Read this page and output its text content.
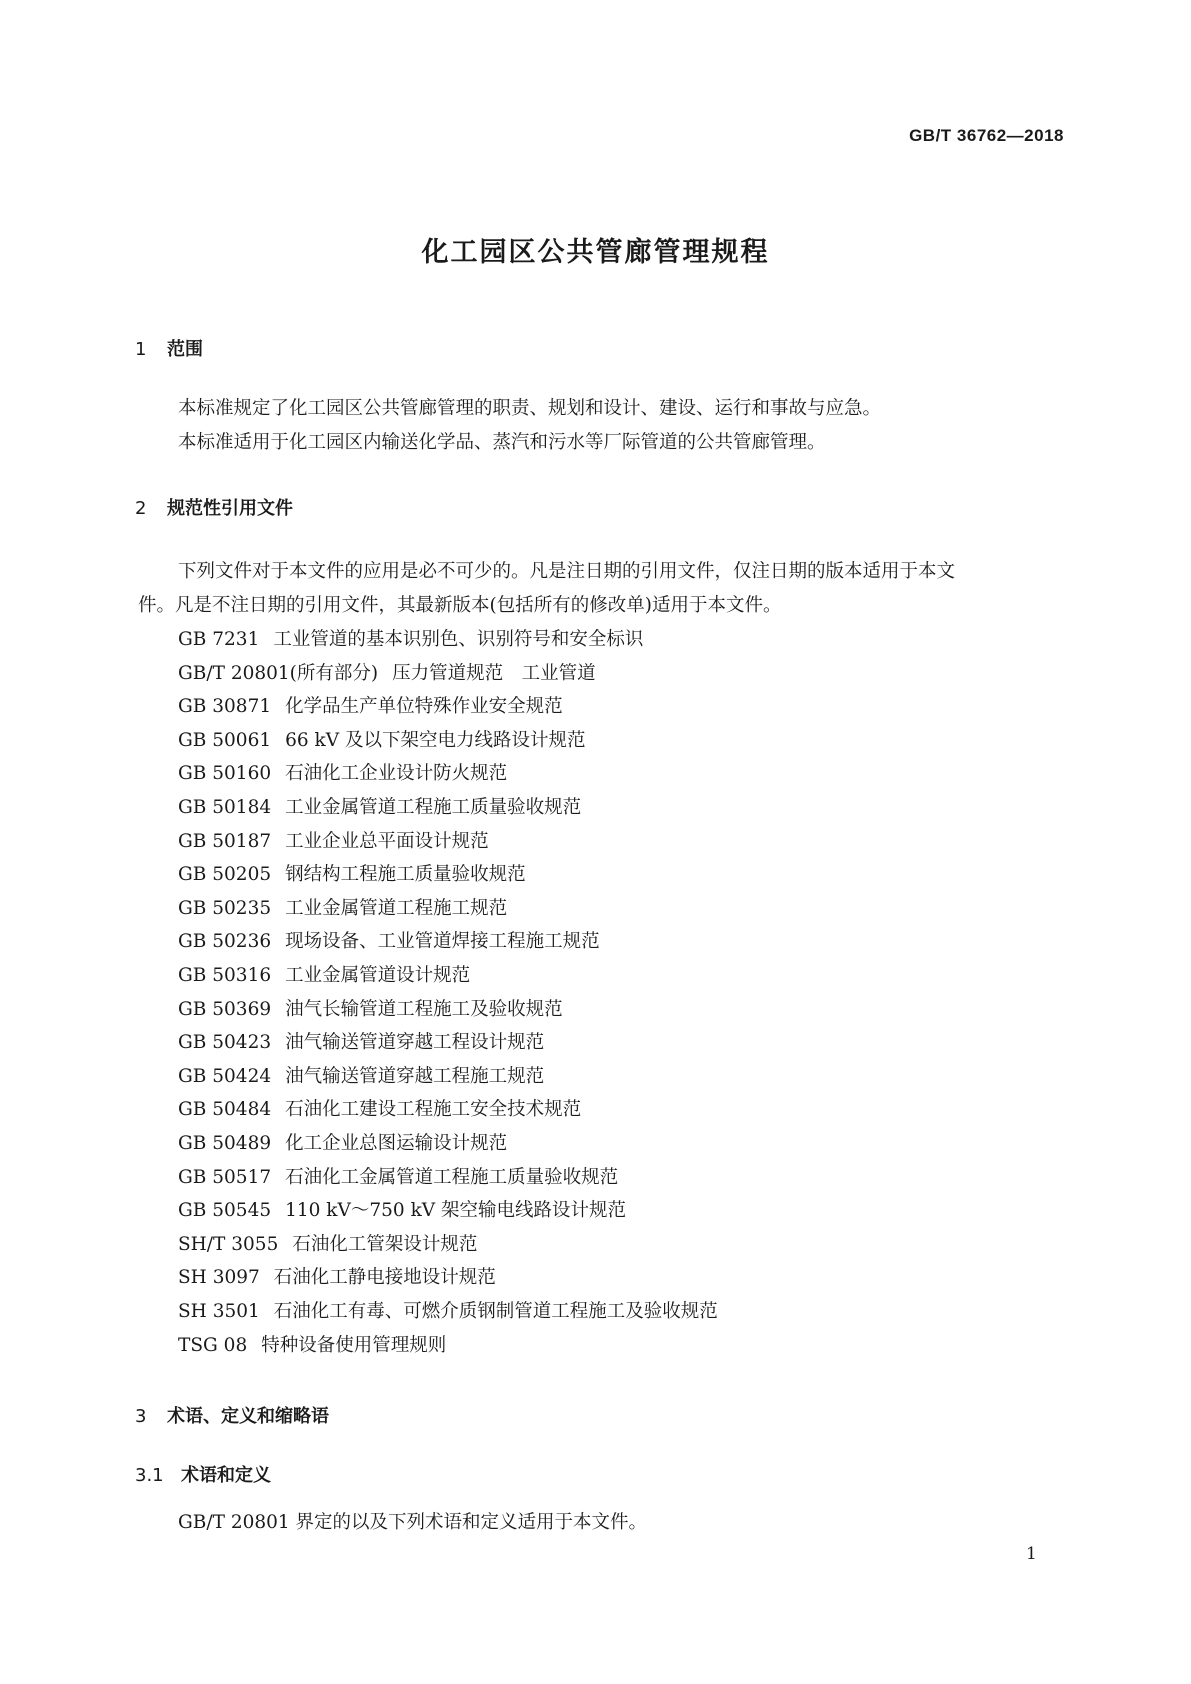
GB/T 36762—2018
化工园区公共管廊管理规程
1 范围
本标准规定了化工园区公共管廊管理的职责、规划和设计、建设、运行和事故与应急。
本标准适用于化工园区内输送化学品、蒸汽和污水等厂际管道的公共管廊管理。
2 规范性引用文件
下列文件对于本文件的应用是必不可少的。凡是注日期的引用文件，仅注日期的版本适用于本文
件。凡是不注日期的引用文件，其最新版本(包括所有的修改单)适用于本文件。
GB 7231 工业管道的基本识别色、识别符号和安全标识
GB/T 20801(所有部分) 压力管道规范　工业管道
GB 30871 化学品生产单位特殊作业安全规范
GB 50061 66 kV 及以下架空电力线路设计规范
GB 50160 石油化工企业设计防火规范
GB 50184 工业金属管道工程施工质量验收规范
GB 50187 工业企业总平面设计规范
GB 50205 钢结构工程施工质量验收规范
GB 50235 工业金属管道工程施工规范
GB 50236 现场设备、工业管道焊接工程施工规范
GB 50316 工业金属管道设计规范
GB 50369 油气长输管道工程施工及验收规范
GB 50423 油气输送管道穿越工程设计规范
GB 50424 油气输送管道穿越工程施工规范
GB 50484 石油化工建设工程施工安全技术规范
GB 50489 化工企业总图运输设计规范
GB 50517 石油化工金属管道工程施工质量验收规范
GB 50545 110 kV～750 kV 架空输电线路设计规范
SH/T 3055 石油化工管架设计规范
SH 3097 石油化工静电接地设计规范
SH 3501 石油化工有毒、可燃介质钢制管道工程施工及验收规范
TSG 08 特种设备使用管理规则
3 术语、定义和缩略语
3.1 术语和定义
GB/T 20801 界定的以及下列术语和定义适用于本文件。
1
